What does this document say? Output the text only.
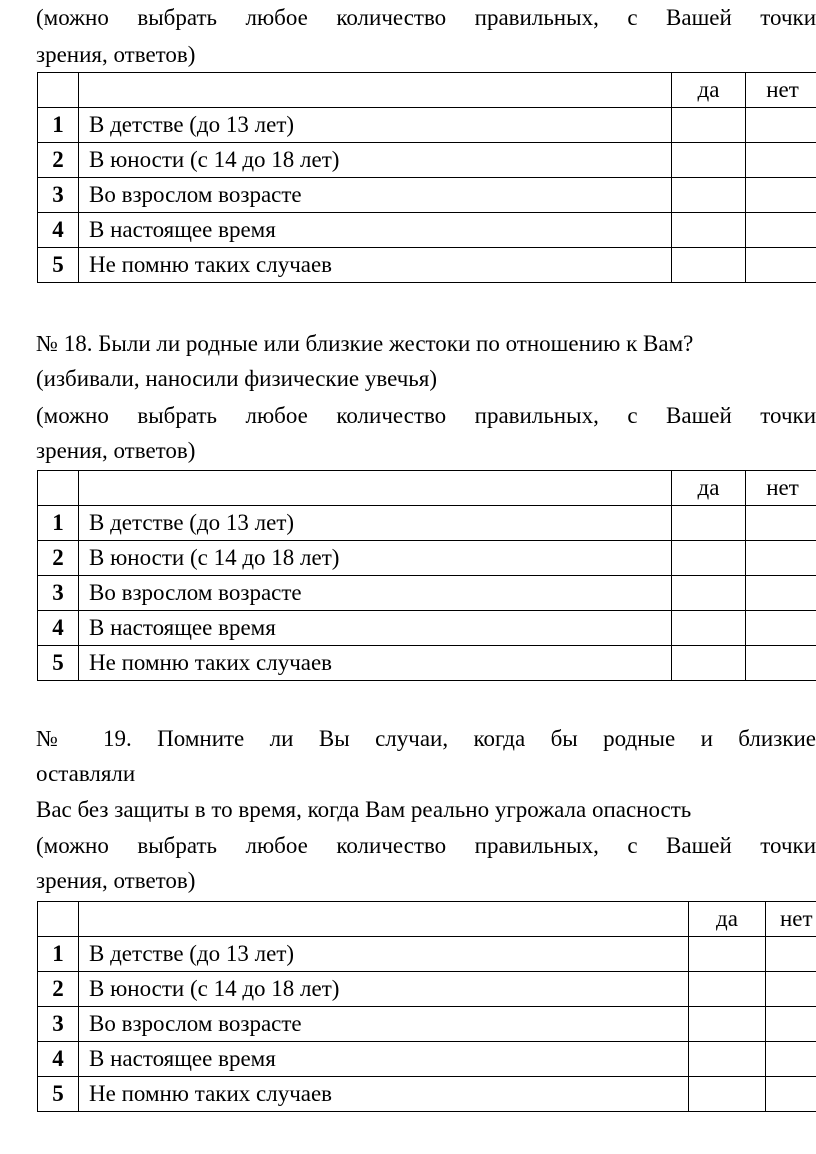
(можно выбрать любое количество правильных, с Вашей точки
зрения, ответов)
		да	нет
1	В детстве (до 13 лет)		
2	В юности (с 14 до 18 лет)		
3	Во взрослом возрасте		
4	В настоящее время		
5	Не помню таких случаев		
№ 18. Были ли родные или близкие жестоки по отношению к Вам?
(избивали, наносили физические увечья)
(можно выбрать любое количество правильных, с Вашей точки
зрения, ответов)
		да	нет
1	В детстве (до 13 лет)		
2	В юности (с 14 до 18 лет)		
3	Во взрослом возрасте		
4	В настоящее время		
5	Не помню таких случаев		
№ 19. Помните ли Вы случаи, когда бы родные и близкие
оставляли
Вас без защиты в то время, когда Вам реально угрожала опасность
(можно выбрать любое количество правильных, с Вашей точки
зрения, ответов)
		да	нет
1	В детстве (до 13 лет)		
2	В юности (с 14 до 18 лет)		
3	Во взрослом возрасте		
4	В настоящее время		
5	Не помню таких случаев		
